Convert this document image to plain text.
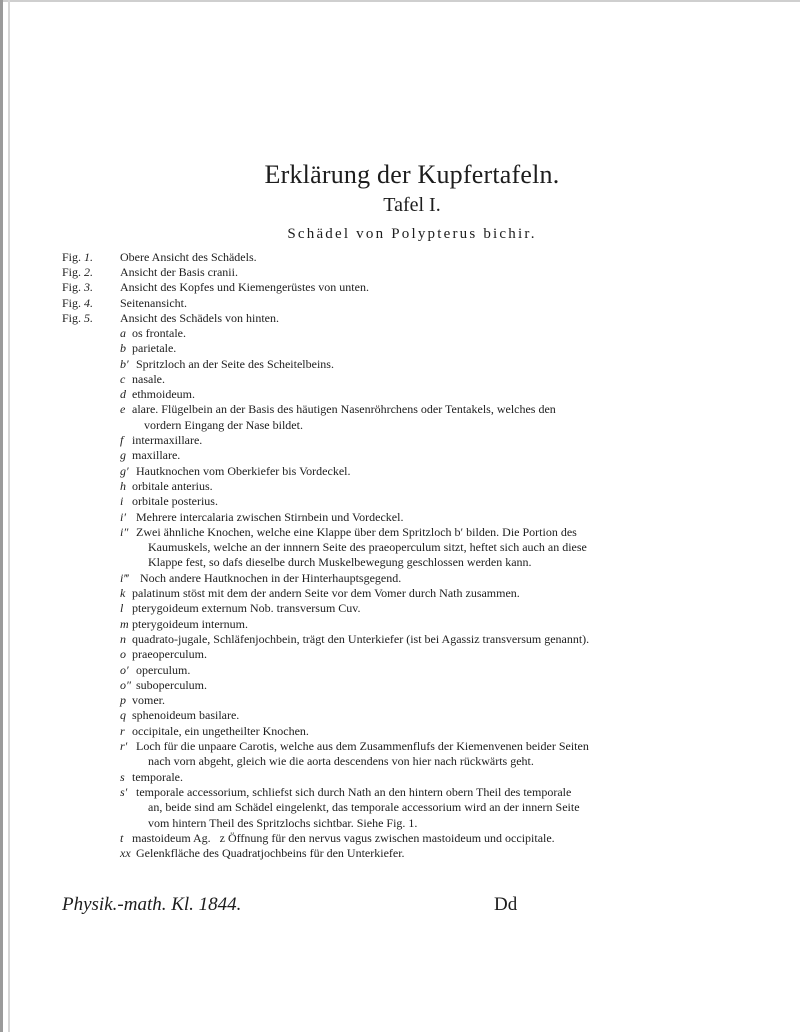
Erklärung der Kupfertafeln.
Tafel I.
Schädel von Polypterus bichir.
Fig. 1. Obere Ansicht des Schädels.
Fig. 2. Ansicht der Basis cranii.
Fig. 3. Ansicht des Kopfes und Kiemengerüstes von unten.
Fig. 4. Seitenansicht.
Fig. 5. Ansicht des Schädels von hinten.
a os frontale.
b parietale.
b′ Spritzloch an der Seite des Scheitelbeins.
c nasale.
d ethmoideum.
e alare. Flügelbein an der Basis des häutigen Nasenröhrchens oder Tentakels, welches den
vordern Eingang der Nase bildet.
f intermaxillare.
g maxillare.
g′ Hautknochen vom Oberkiefer bis Vordeckel.
h orbitale anterius.
i orbitale posterius.
i′ Mehrere intercalaria zwischen Stirnbein und Vordeckel.
i″ Zwei ähnliche Knochen, welche eine Klappe über dem Spritzloch b′ bilden. Die Portion des
Kaumuskels, welche an der innnern Seite des praeoperculum sitzt, heftet sich auch an diese
Klappe fest, so dafs dieselbe durch Muskelbewegung geschlossen werden kann.
i‴ Noch andere Hautknochen in der Hinterhauptsgegend.
k palatinum stöst mit dem der andern Seite vor dem Vomer durch Nath zusammen.
l pterygoideum externum Nob. transversum Cuv.
m pterygoideum internum.
n quadrato-jugale, Schläfenjochbein, trägt den Unterkiefer (ist bei Agassiz transversum genannt).
o praeoperculum.
o′ operculum.
o″ suboperculum.
p vomer.
q sphenoideum basilare.
r occipitale, ein ungetheilter Knochen.
r′ Loch für die unpaare Carotis, welche aus dem Zusammenflufs der Kiemenvenen beider Seiten
nach vorn abgeht, gleich wie die aorta descendens von hier nach rückwärts geht.
s temporale.
s′ temporale accessorium, schliefst sich durch Nath an den hintern obern Theil des temporale
an, beide sind am Schädel eingelenkt, das temporale accessorium wird an der innern Seite
vom hintern Theil des Spritzlochs sichtbar. Siehe Fig. 1.
t mastoideum Ag.   z Öffnung für den nervus vagus zwischen mastoideum und occipitale.
xx Gelenkfläche des Quadratjochbeins für den Unterkiefer.
Physik.-math. Kl. 1844.	Dd
